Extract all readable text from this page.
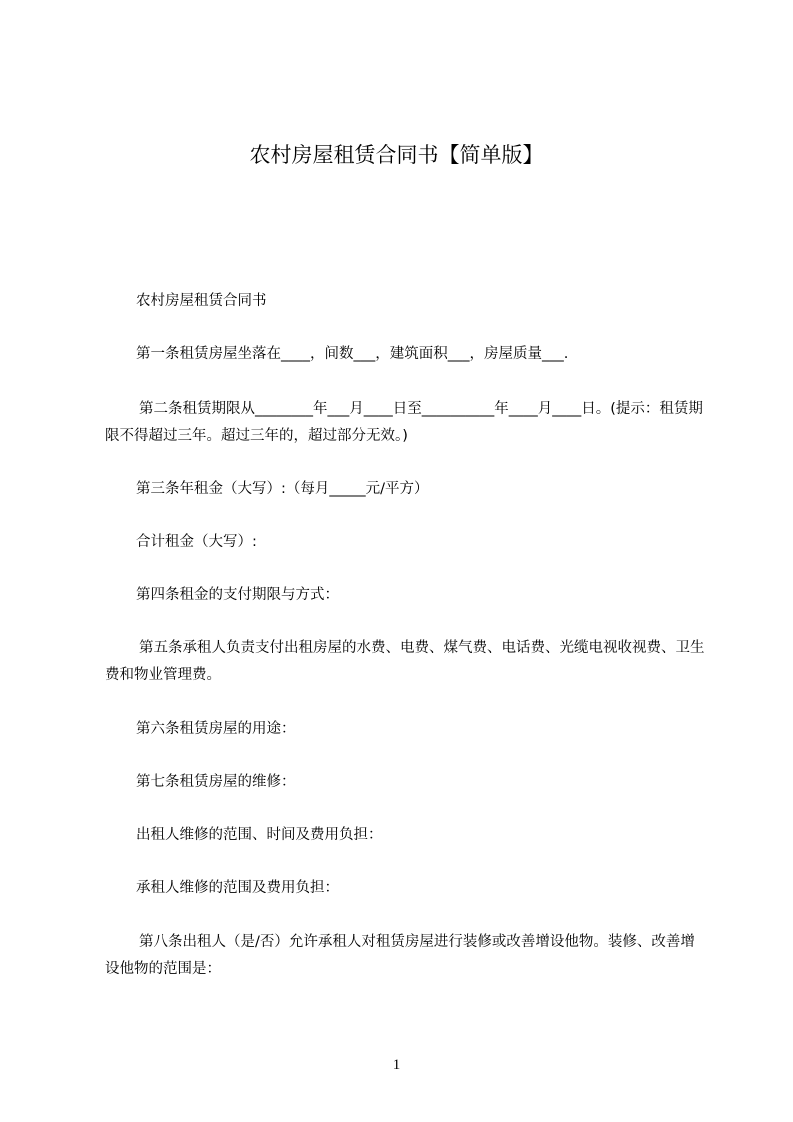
农村房屋租赁合同书【简单版】

农村房屋租赁合同书

第一条租赁房屋坐落在____，间数___，建筑面积___，房屋质量___.

第二条租赁期限从________年___月____日至__________年____月____日。(提示：租赁期限不得超过三年。超过三年的，超过部分无效。)

第三条年租金（大写）:（每月_____元/平方）

合计租金（大写）:

第四条租金的支付期限与方式：

第五条承租人负责支付出租房屋的水费、电费、煤气费、电话费、光缆电视收视费、卫生费和物业管理费。

第六条租赁房屋的用途：

第七条租赁房屋的维修：

出租人维修的范围、时间及费用负担：

承租人维修的范围及费用负担：

第八条出租人（是/否）允许承租人对租赁房屋进行装修或改善增设他物。装修、改善增设他物的范围是：

1
